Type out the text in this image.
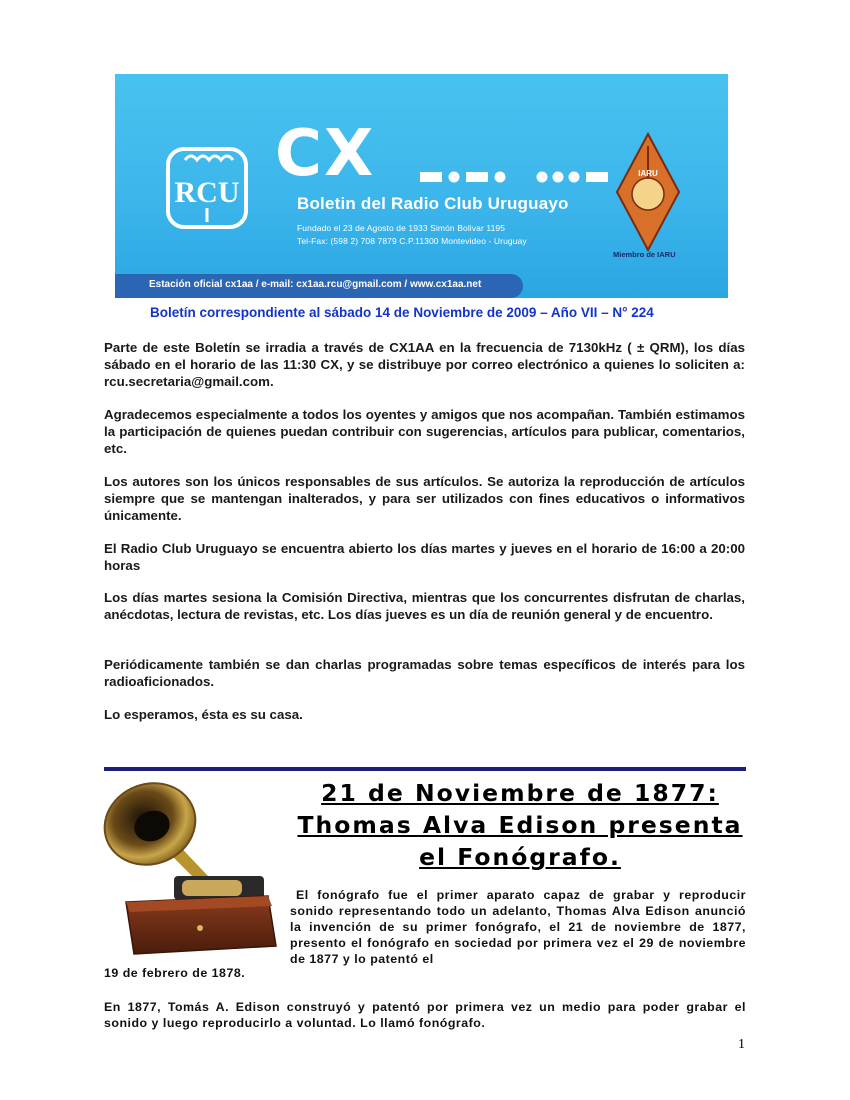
RCU
CX
Boletin del Radio Club Uruguayo
Fundado el 23 de Agosto de 1933 Simón Bolivar 1195
Tel-Fax: (598 2) 708 7879 C.P.11300 Montevideo - Uruguay
IARU
Miembro de IARU
Estación oficial cx1aa / e-mail: cx1aa.rcu@gmail.com / www.cx1aa.net
Boletín correspondiente al sábado 14 de Noviembre de 2009 – Año VII – N° 224

Parte de este Boletín se irradia a través de CX1AA en la frecuencia de 7130kHz ( ± QRM), los días sábado en el horario de las 11:30 CX, y se distribuye por correo electrónico a quienes lo soliciten a: rcu.secretaria@gmail.com.

Agradecemos especialmente a todos los oyentes y amigos que nos acompañan. También estimamos la participación de quienes puedan contribuir con sugerencias, artículos para publicar, comentarios, etc.

Los autores son los únicos responsables de sus artículos. Se autoriza la reproducción de artículos siempre que se mantengan inalterados, y para ser utilizados con fines educativos o informativos únicamente.

El Radio Club Uruguayo se encuentra abierto los días martes y jueves en el horario de 16:00 a 20:00 horas

Los días martes sesiona la Comisión Directiva, mientras que los concurrentes disfrutan de charlas, anécdotas, lectura de revistas, etc. Los días jueves es un día de reunión general y de encuentro.

Periódicamente también se dan charlas programadas sobre temas específicos de interés para los radioaficionados.

Lo esperamos, ésta es su casa.

21 de Noviembre de 1877:
Thomas Alva Edison presenta
el Fonógrafo.

El fonógrafo fue el primer aparato capaz de grabar y reproducir sonido representando todo un adelanto, Thomas Alva Edison anunció la invención de su primer fonógrafo, el 21 de noviembre de 1877, presento el fonógrafo en sociedad por primera vez el 29 de noviembre de 1877 y lo patentó el

19 de febrero de 1878.

En 1877, Tomás A. Edison construyó y patentó por primera vez un medio para poder grabar el sonido y luego reproducirlo a voluntad. Lo llamó fonógrafo.

1
